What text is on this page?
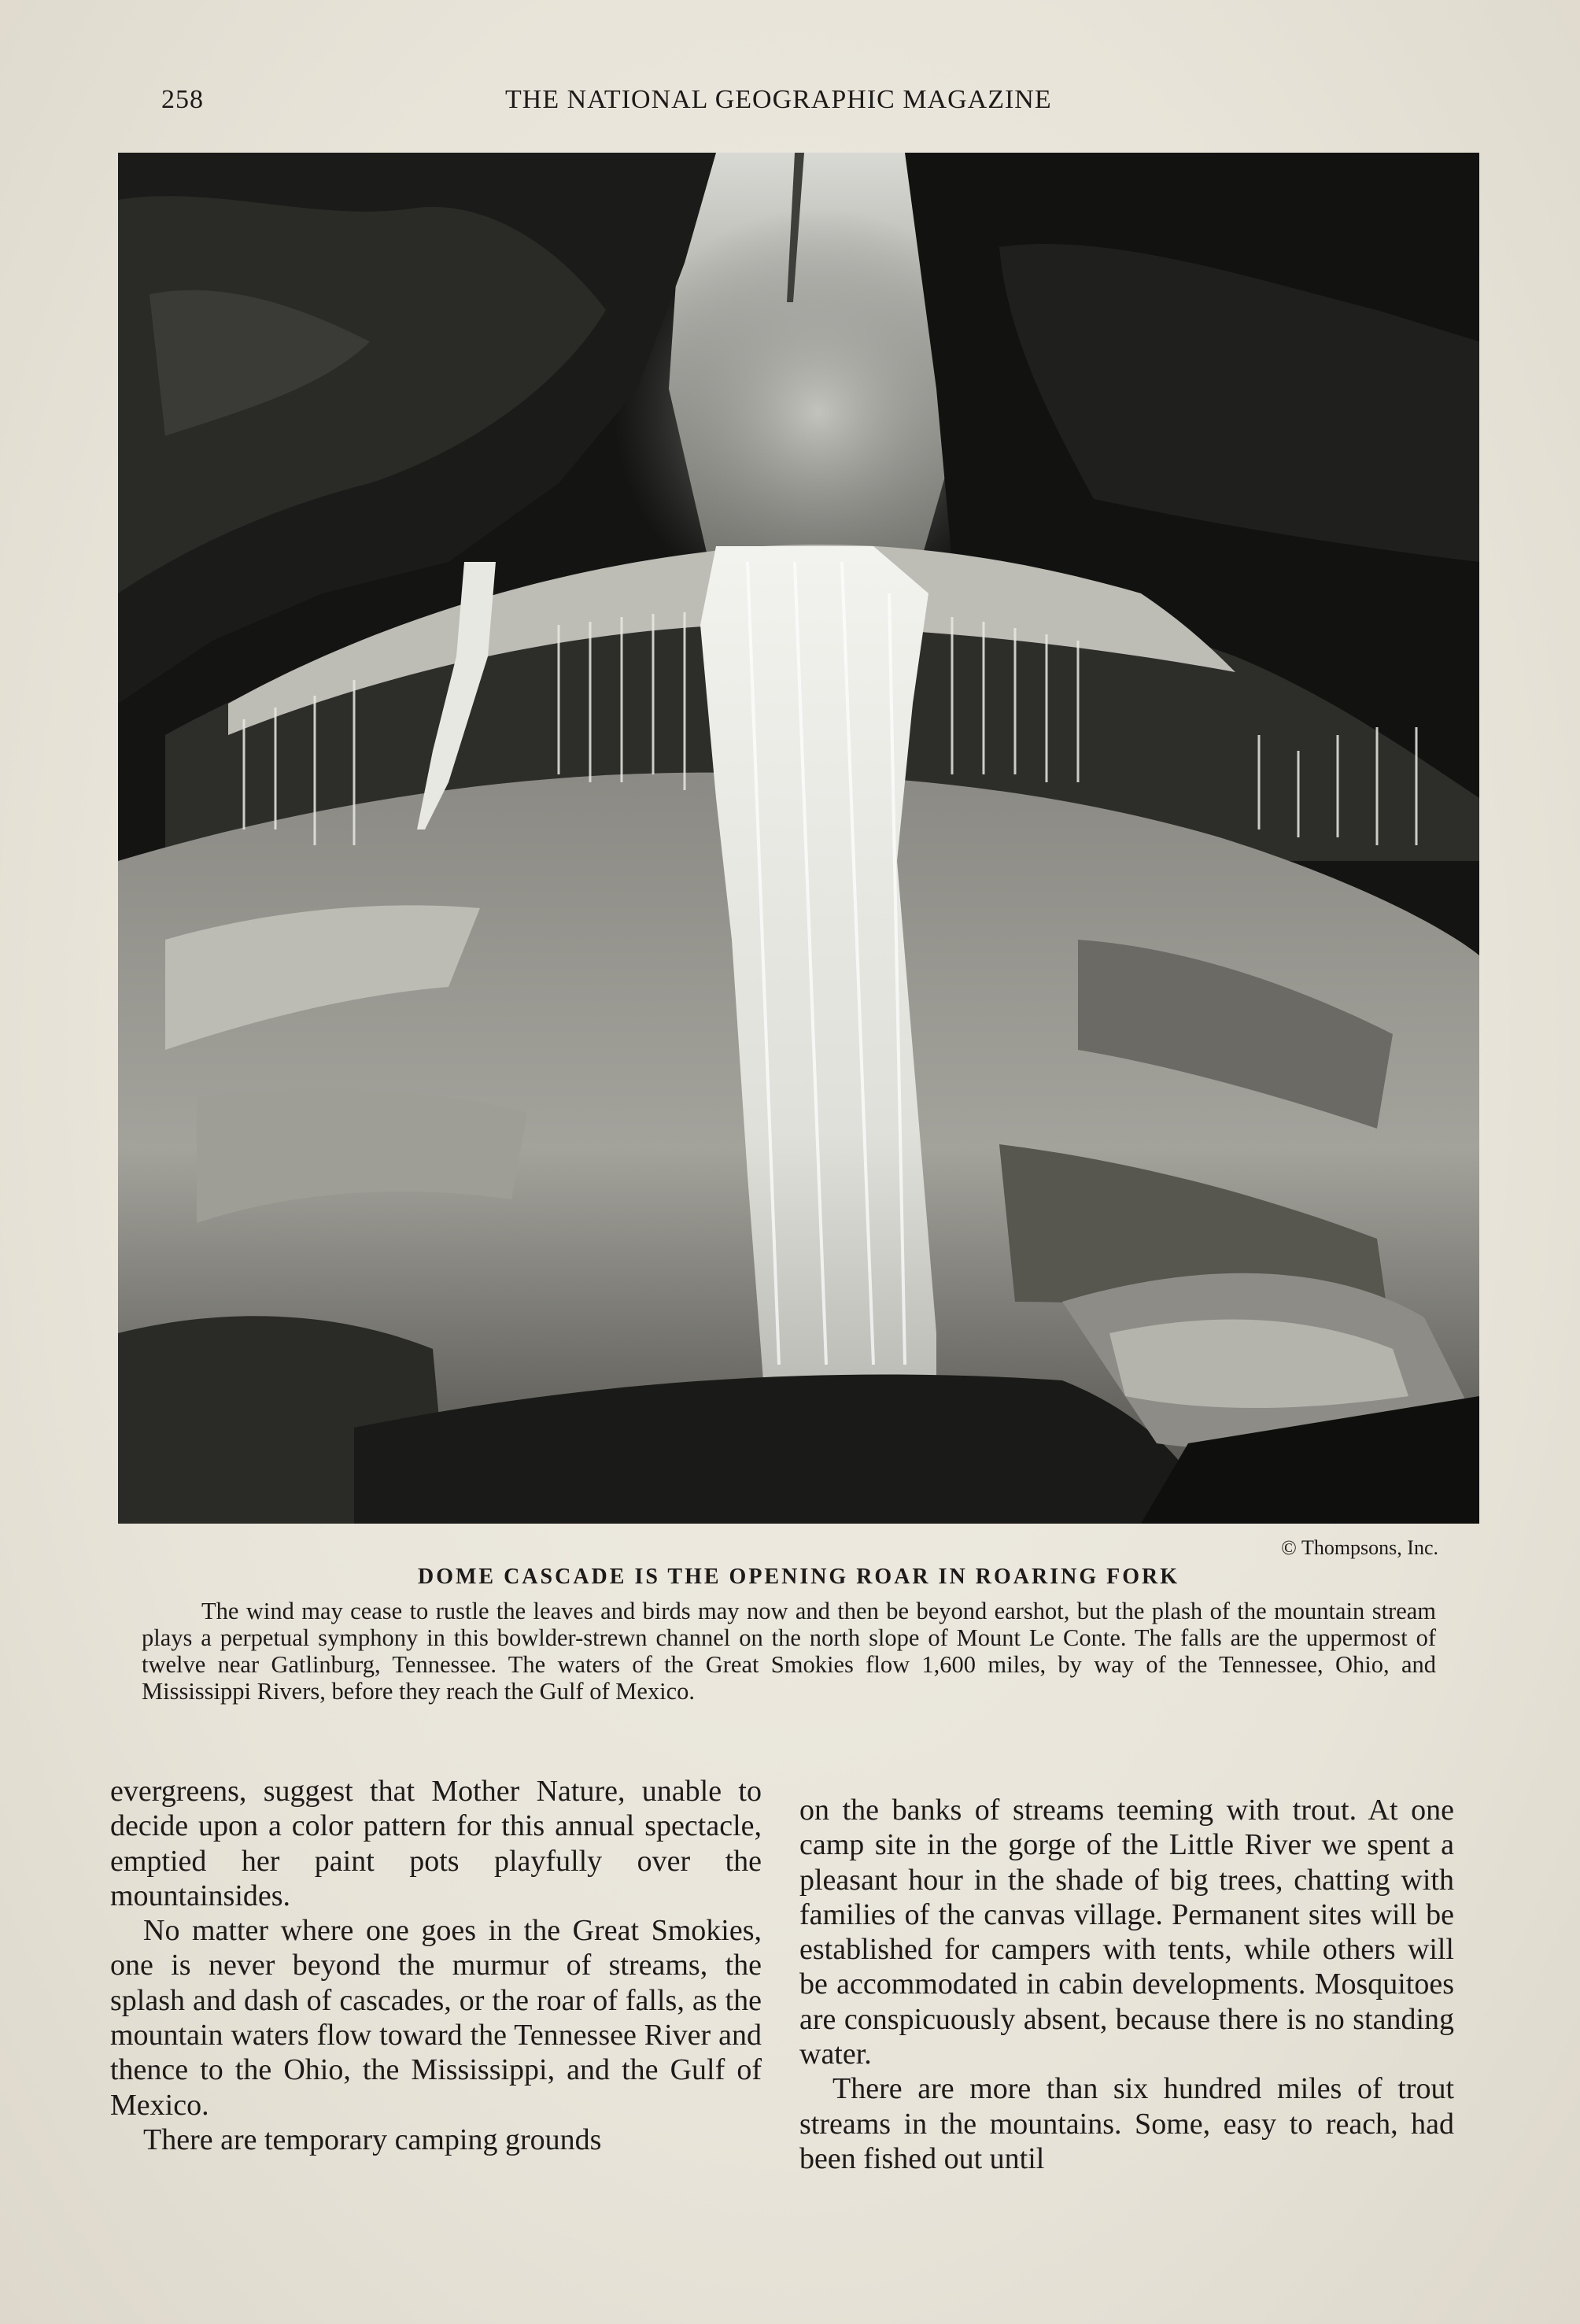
258	THE NATIONAL GEOGRAPHIC MAGAZINE
© Thompsons, Inc.
DOME CASCADE IS THE OPENING ROAR IN ROARING FORK
The wind may cease to rustle the leaves and birds may now and then be beyond earshot, but the plash of the mountain stream plays a perpetual symphony in this bowlder-strewn channel on the north slope of Mount Le Conte. The falls are the uppermost of twelve near Gatlinburg, Tennessee. The waters of the Great Smokies flow 1,600 miles, by way of the Tennessee, Ohio, and Mississippi Rivers, before they reach the Gulf of Mexico.

evergreens, suggest that Mother Nature, unable to decide upon a color pattern for this annual spectacle, emptied her paint pots playfully over the mountainsides.

No matter where one goes in the Great Smokies, one is never beyond the murmur of streams, the splash and dash of cascades, or the roar of falls, as the mountain waters flow toward the Tennessee River and thence to the Ohio, the Mississippi, and the Gulf of Mexico.

There are temporary camping grounds

on the banks of streams teeming with trout. At one camp site in the gorge of the Little River we spent a pleasant hour in the shade of big trees, chatting with families of the canvas village. Permanent sites will be established for campers with tents, while others will be accommodated in cabin developments. Mosquitoes are conspicuously absent, because there is no standing water.

There are more than six hundred miles of trout streams in the mountains. Some, easy to reach, had been fished out until
